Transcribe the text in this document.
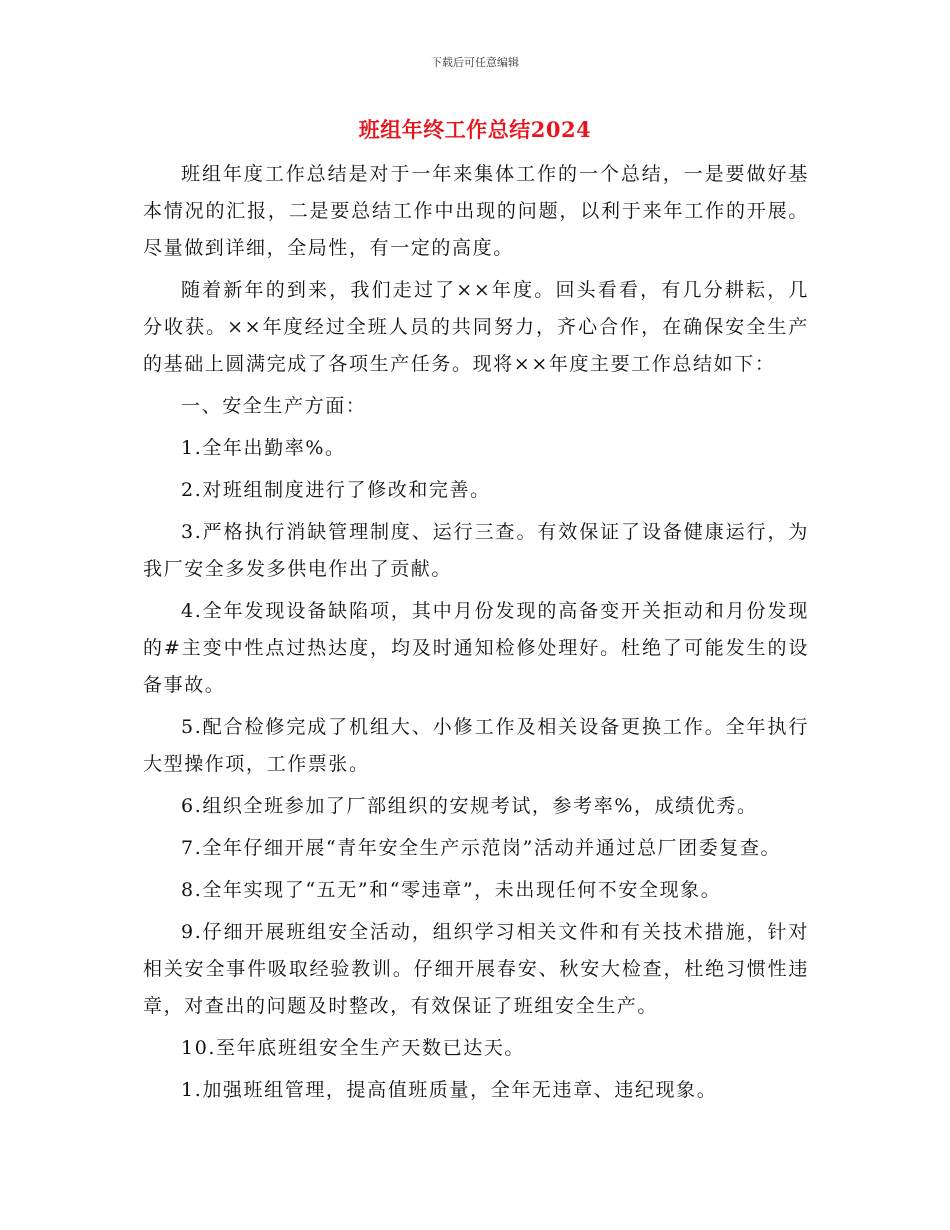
下载后可任意编辑
班组年终工作总结2024

班组年度工作总结是对于一年来集体工作的一个总结，一是要做好基本情况的汇报，二是要总结工作中出现的问题，以利于来年工作的开展。尽量做到详细，全局性，有一定的高度。

随着新年的到来，我们走过了××年度。回头看看，有几分耕耘，几分收获。××年度经过全班人员的共同努力，齐心合作，在确保安全生产的基础上圆满完成了各项生产任务。现将××年度主要工作总结如下：

一、安全生产方面：

1.全年出勤率%。

2.对班组制度进行了修改和完善。

3.严格执行消缺管理制度、运行三查。有效保证了设备健康运行，为我厂安全多发多供电作出了贡献。

4.全年发现设备缺陷项，其中月份发现的高备变开关拒动和月份发现的#主变中性点过热达度，均及时通知检修处理好。杜绝了可能发生的设备事故。

5.配合检修完成了机组大、小修工作及相关设备更换工作。全年执行大型操作项，工作票张。

6.组织全班参加了厂部组织的安规考试，参考率%，成绩优秀。

7.全年仔细开展“青年安全生产示范岗”活动并通过总厂团委复查。

8.全年实现了“五无”和“零违章”，未出现任何不安全现象。

9.仔细开展班组安全活动，组织学习相关文件和有关技术措施，针对相关安全事件吸取经验教训。仔细开展春安、秋安大检查，杜绝习惯性违章，对查出的问题及时整改，有效保证了班组安全生产。

10.至年底班组安全生产天数已达天。

1.加强班组管理，提高值班质量，全年无违章、违纪现象。
